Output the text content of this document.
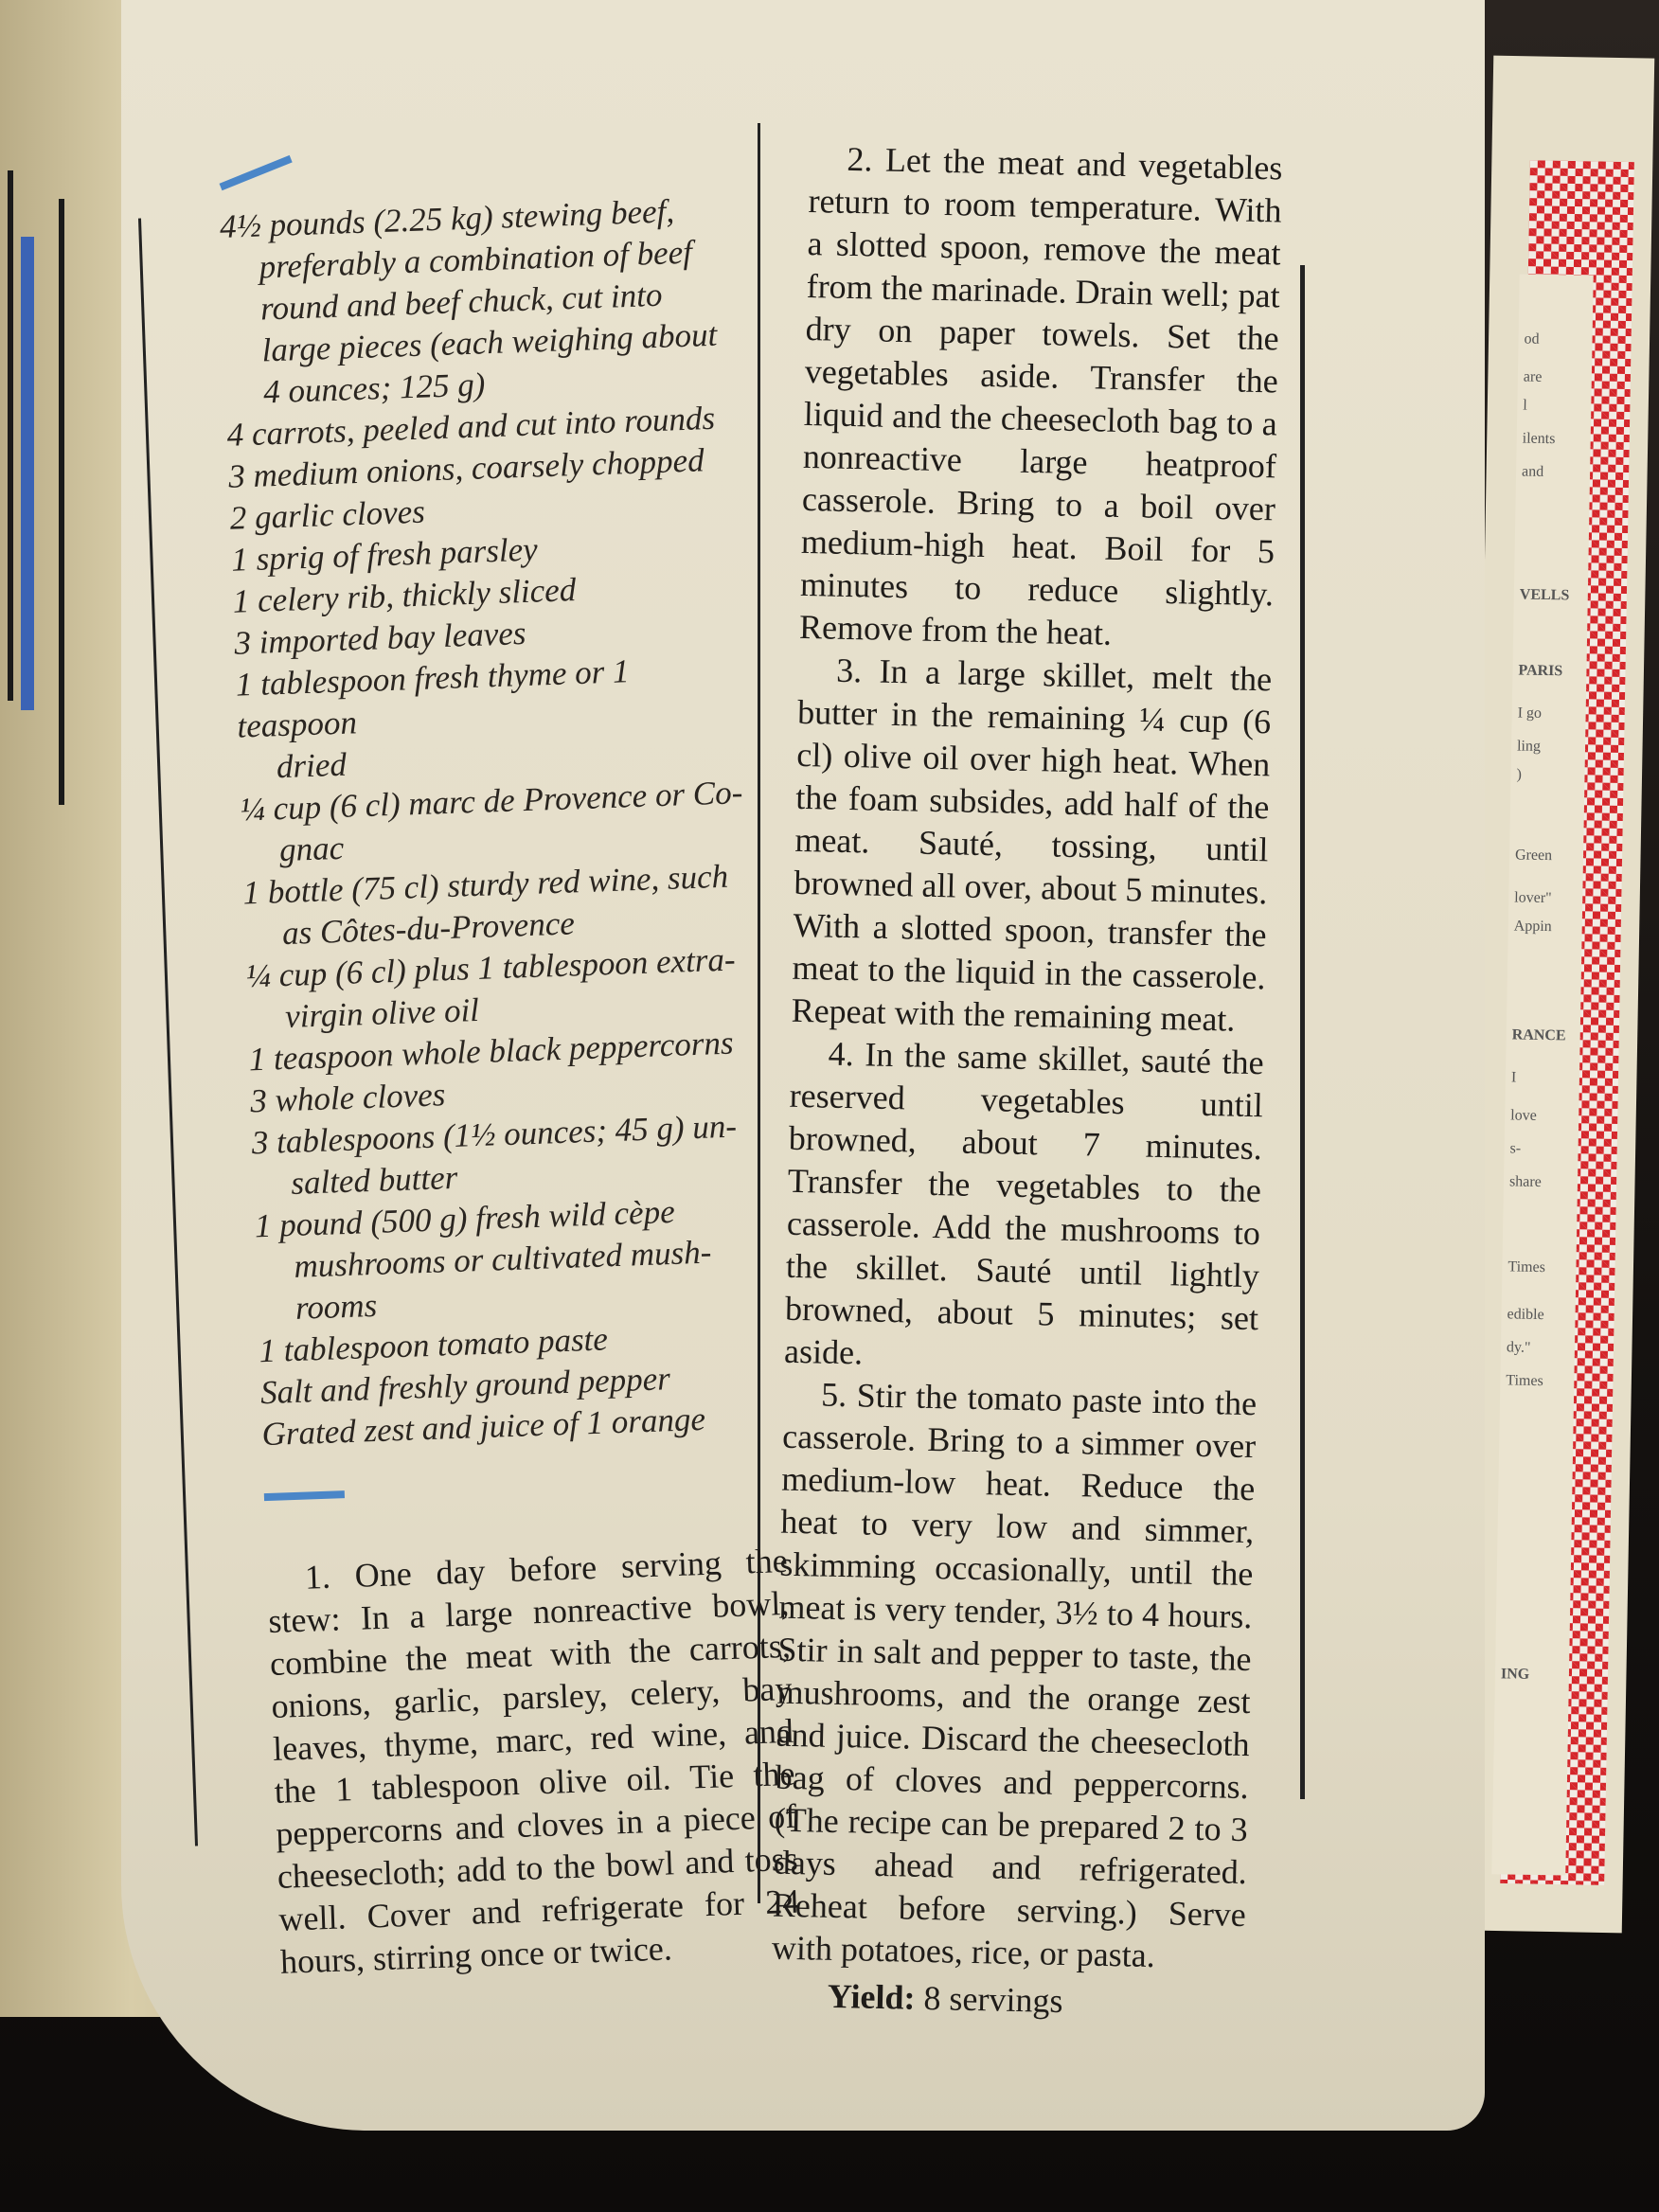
od
are
l
ilents
and
VELLS
PARIS
I go
ling
)
Green
lover"
Appin
RANCE
I
love
s-
share
Times
edible
dy."
Times
ING
4½ pounds (2.25 kg) stewing beef,
preferably a combination of beef
round and beef chuck, cut into
large pieces (each weighing about
4 ounces; 125 g)
4 carrots, peeled and cut into rounds
3 medium onions, coarsely chopped
2 garlic cloves
1 sprig of fresh parsley
1 celery rib, thickly sliced
3 imported bay leaves
1 tablespoon fresh thyme or 1 teaspoon
dried
¼ cup (6 cl) marc de Provence or Co-
gnac
1 bottle (75 cl) sturdy red wine, such
as Côtes-du-Provence
¼ cup (6 cl) plus 1 tablespoon extra-
virgin olive oil
1 teaspoon whole black peppercorns
3 whole cloves
3 tablespoons (1½ ounces; 45 g) un-
salted butter
1 pound (500 g) fresh wild cèpe
mushrooms or cultivated mush-
rooms
1 tablespoon tomato paste
Salt and freshly ground pepper
Grated zest and juice of 1 orange

1. One day before serving the stew: In a large nonreactive bowl, combine the meat with the carrots, onions, garlic, parsley, celery, bay leaves, thyme, marc, red wine, and the 1 tablespoon olive oil. Tie the peppercorns and cloves in a piece of cheesecloth; add to the bowl and toss well. Cover and refrigerate for 24 hours, stirring once or twice.

2. Let the meat and vegetables return to room temperature. With a slotted spoon, remove the meat from the marinade. Drain well; pat dry on paper towels. Set the vegetables aside. Transfer the liquid and the cheesecloth bag to a nonreactive large heatproof casserole. Bring to a boil over medium-high heat. Boil for 5 minutes to reduce slightly. Remove from the heat.

3. In a large skillet, melt the butter in the remaining ¼ cup (6 cl) olive oil over high heat. When the foam subsides, add half of the meat. Sauté, tossing, until browned all over, about 5 minutes. With a slotted spoon, transfer the meat to the liquid in the casserole. Repeat with the remaining meat.

4. In the same skillet, sauté the reserved vegetables until browned, about 7 minutes. Transfer the vegetables to the casserole. Add the mushrooms to the skillet. Sauté until lightly browned, about 5 minutes; set aside.

5. Stir the tomato paste into the casserole. Bring to a simmer over medium-low heat. Reduce the heat to very low and simmer, skimming occasionally, until the meat is very tender, 3½ to 4 hours. Stir in salt and pepper to taste, the mushrooms, and the orange zest and juice. Discard the cheesecloth bag of cloves and peppercorns. (The recipe can be prepared 2 to 3 days ahead and refrigerated. Reheat before serving.) Serve with potatoes, rice, or pasta.

Yield: 8 servings
